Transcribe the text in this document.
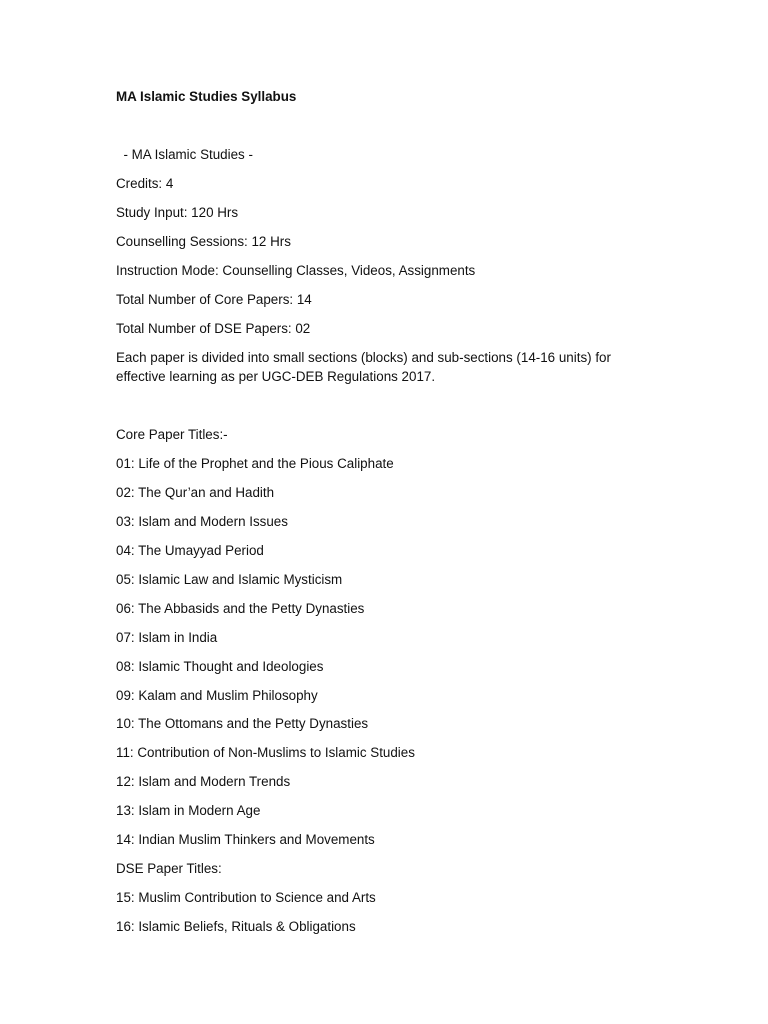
MA Islamic Studies Syllabus
- MA Islamic Studies -
Credits: 4
Study Input: 120 Hrs
Counselling Sessions: 12 Hrs
Instruction Mode: Counselling Classes, Videos, Assignments
Total Number of Core Papers: 14
Total Number of DSE Papers: 02
Each paper is divided into small sections (blocks) and sub-sections (14-16 units) for effective learning as per UGC-DEB Regulations 2017.
Core Paper Titles:-
01: Life of the Prophet and the Pious Caliphate
02: The Qur’an and Hadith
03: Islam and Modern Issues
04: The Umayyad Period
05: Islamic Law and Islamic Mysticism
06: The Abbasids and the Petty Dynasties
07: Islam in India
08: Islamic Thought and Ideologies
09: Kalam and Muslim Philosophy
10: The Ottomans and the Petty Dynasties
11: Contribution of Non-Muslims to Islamic Studies
12: Islam and Modern Trends
13: Islam in Modern Age
14: Indian Muslim Thinkers and Movements
DSE Paper Titles:
15: Muslim Contribution to Science and Arts
16: Islamic Beliefs, Rituals & Obligations
